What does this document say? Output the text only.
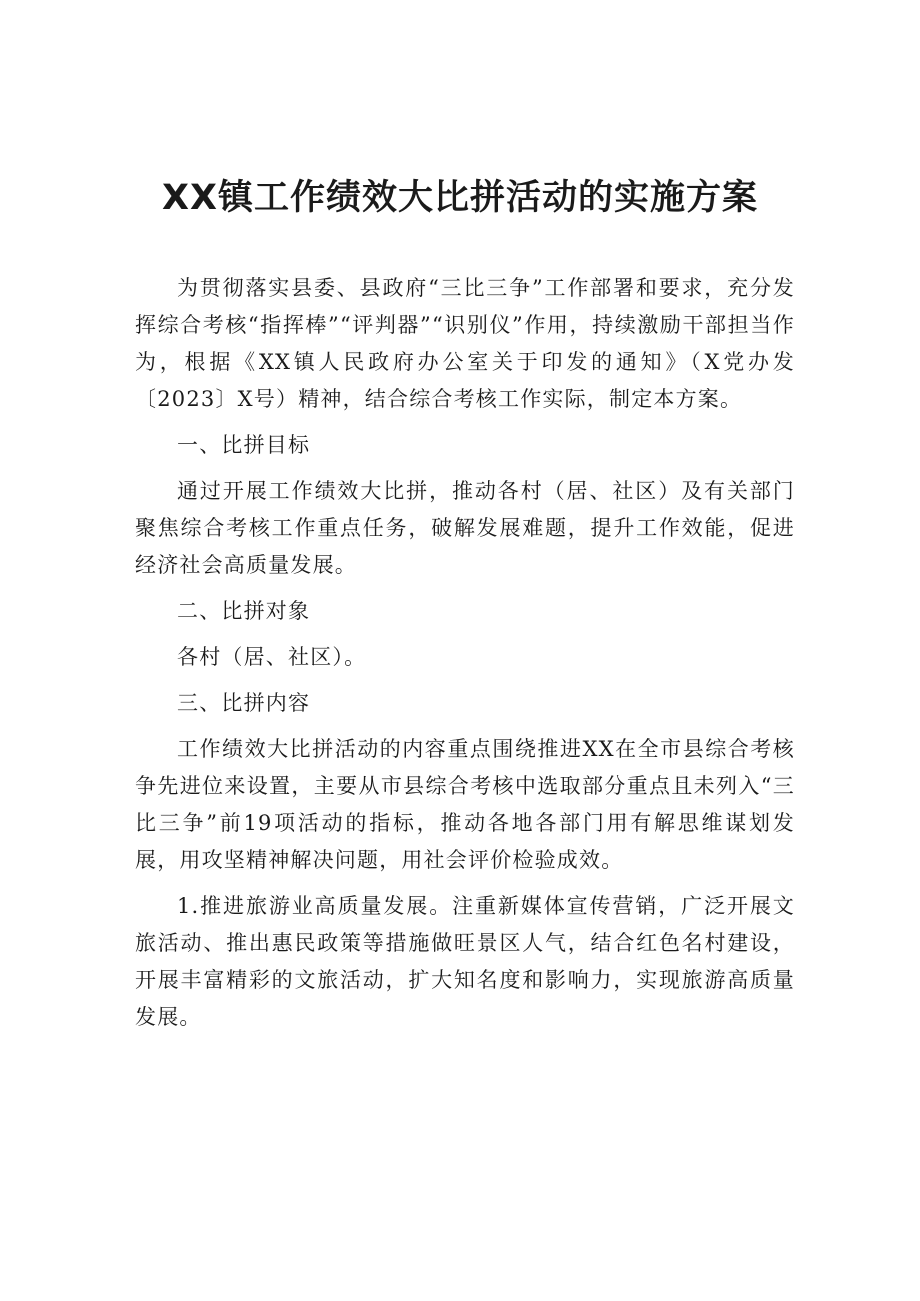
XX镇工作绩效大比拼活动的实施方案

为贯彻落实县委、县政府“三比三争”工作部署和要求，充分发挥综合考核“指挥棒”“评判器”“识别仪”作用，持续激励干部担当作为，根据《XX镇人民政府办公室关于印发的通知》（X党办发〔2023〕X号）精神，结合综合考核工作实际，制定本方案。

一、比拼目标

通过开展工作绩效大比拼，推动各村（居、社区）及有关部门聚焦综合考核工作重点任务，破解发展难题，提升工作效能，促进经济社会高质量发展。

二、比拼对象

各村（居、社区）。

三、比拼内容

工作绩效大比拼活动的内容重点围绕推进XX在全市县综合考核争先进位来设置，主要从市县综合考核中选取部分重点且未列入“三比三争”前19项活动的指标，推动各地各部门用有解思维谋划发展，用攻坚精神解决问题，用社会评价检验成效。

1.推进旅游业高质量发展。注重新媒体宣传营销，广泛开展文旅活动、推出惠民政策等措施做旺景区人气，结合红色名村建设，开展丰富精彩的文旅活动，扩大知名度和影响力，实现旅游高质量发展。
